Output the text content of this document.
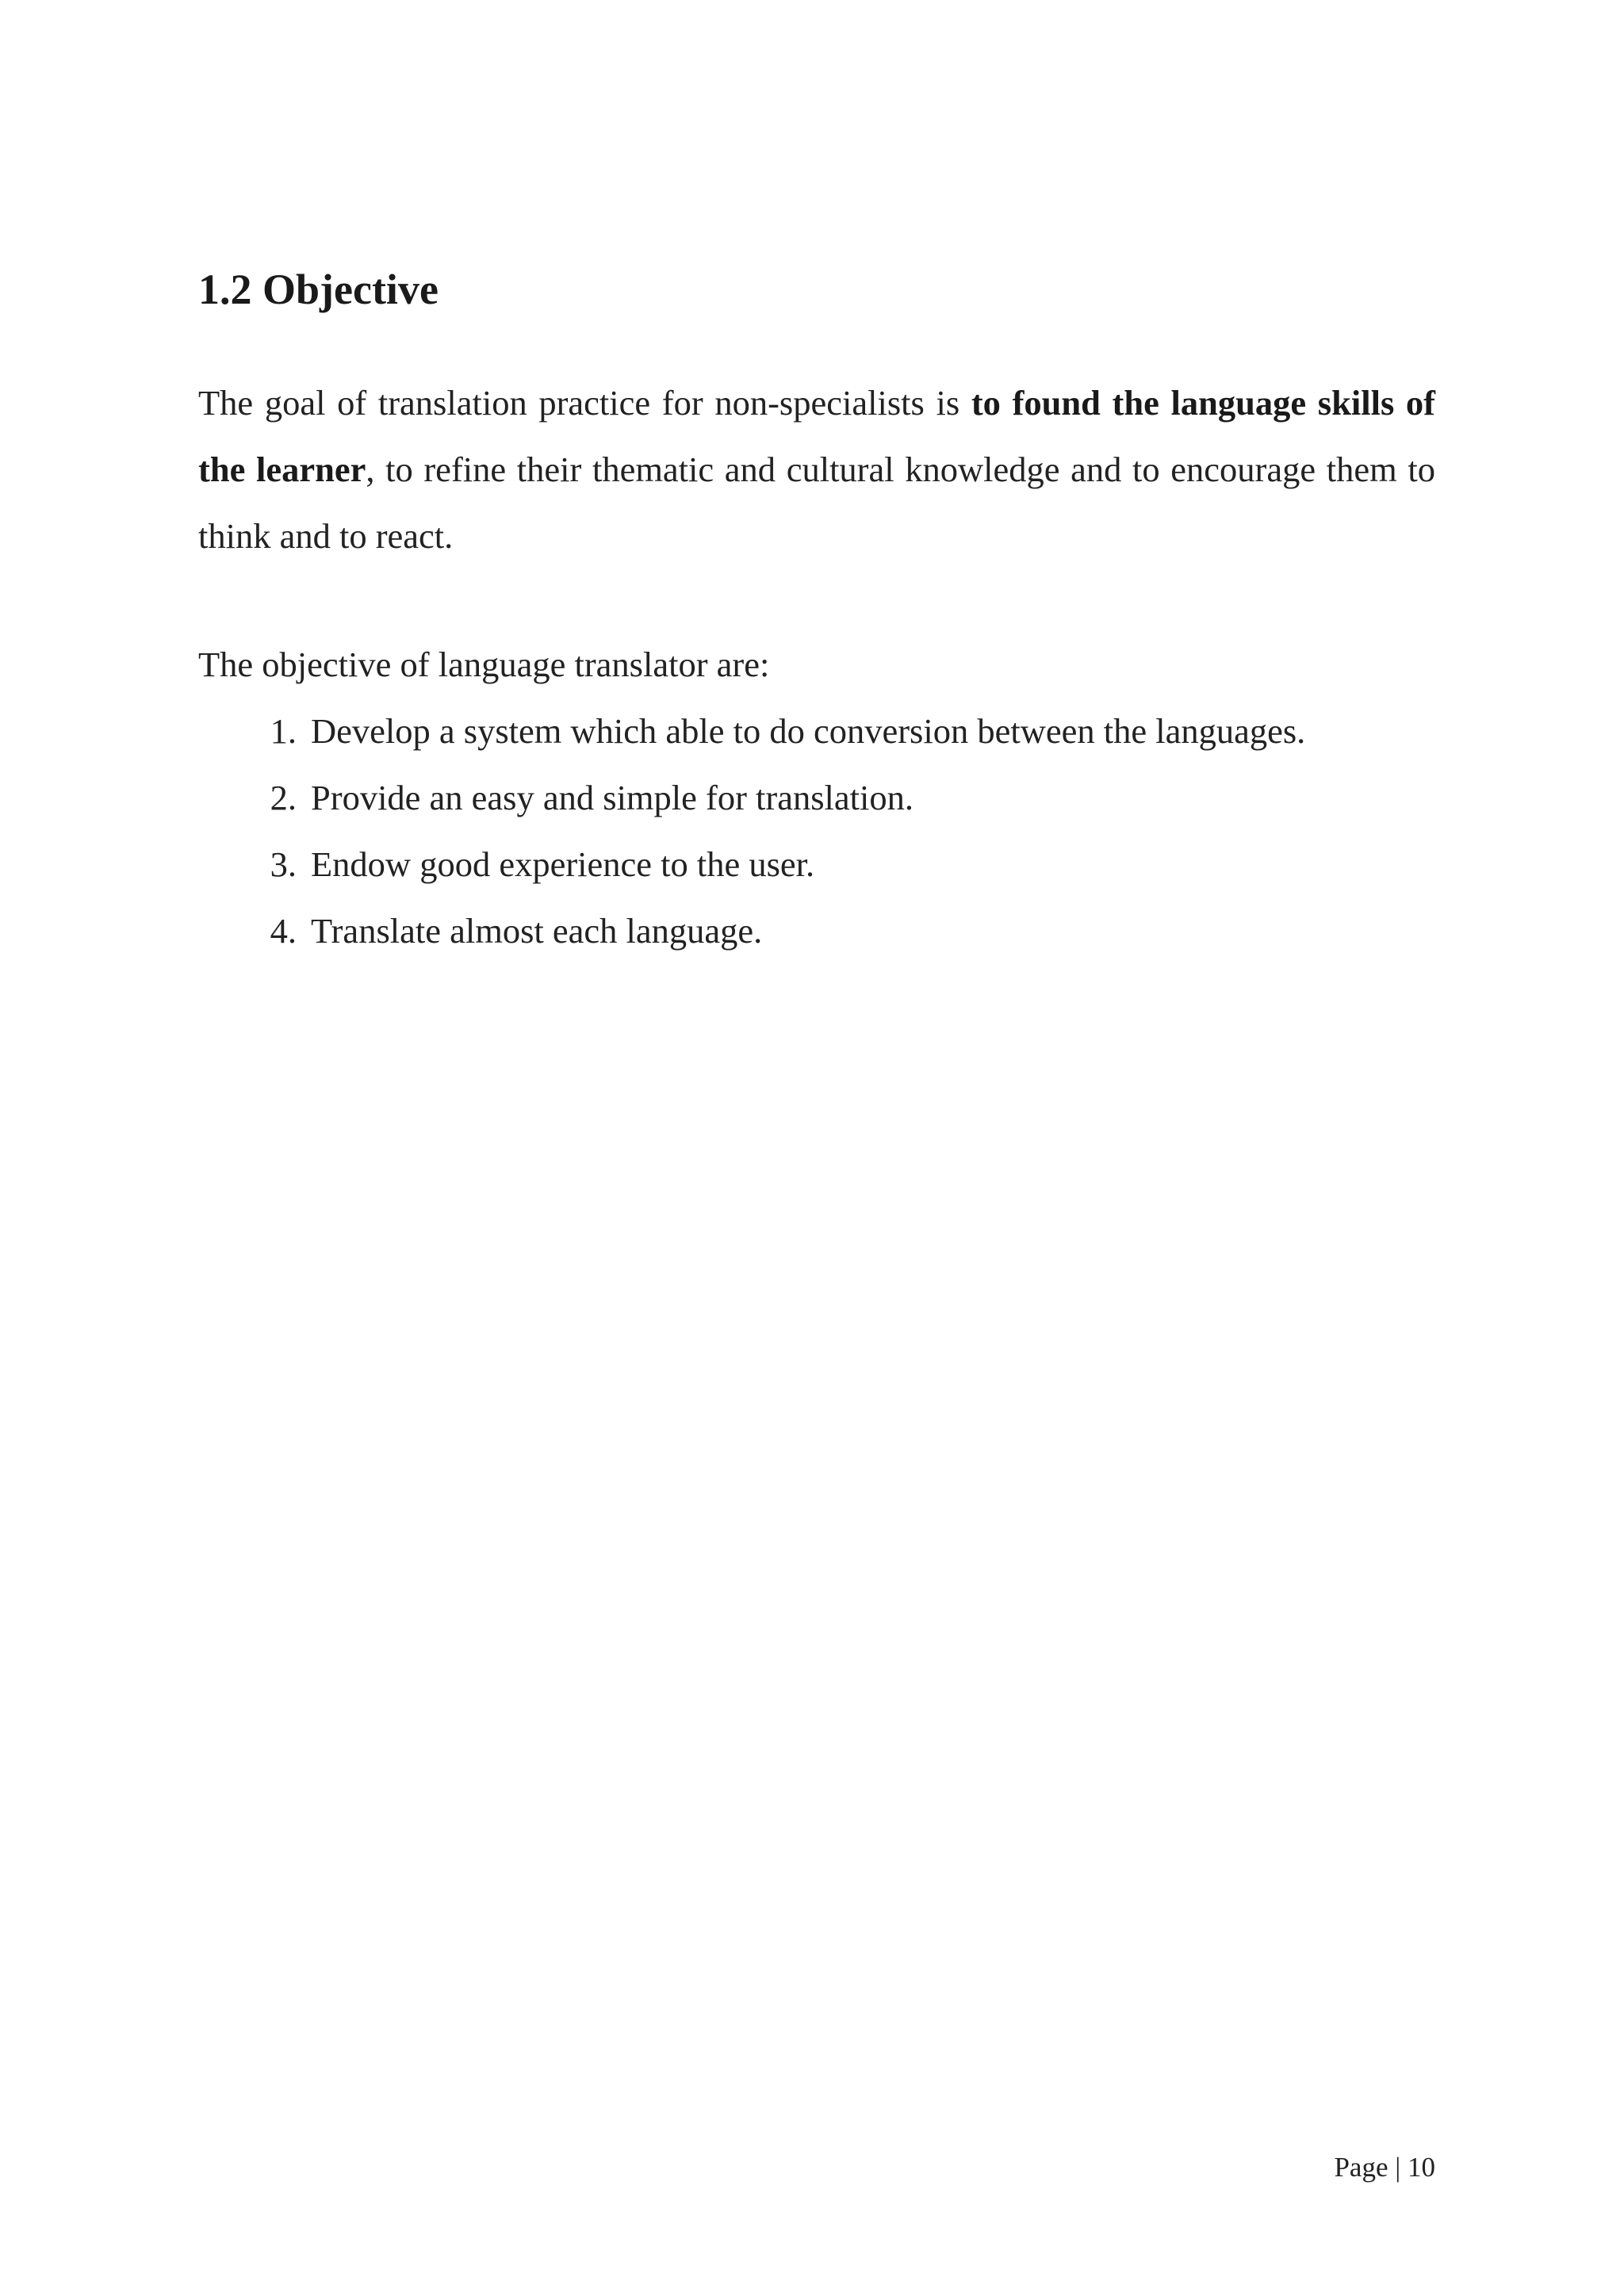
1.2 Objective

The goal of translation practice for non-specialists is to found the language skills of the learner, to refine their thematic and cultural knowledge and to encourage them to think and to react.

The objective of language translator are:

1. Develop a system which able to do conversion between the languages.
2. Provide an easy and simple for translation.
3. Endow good experience to the user.
4. Translate almost each language.
Page | 10
